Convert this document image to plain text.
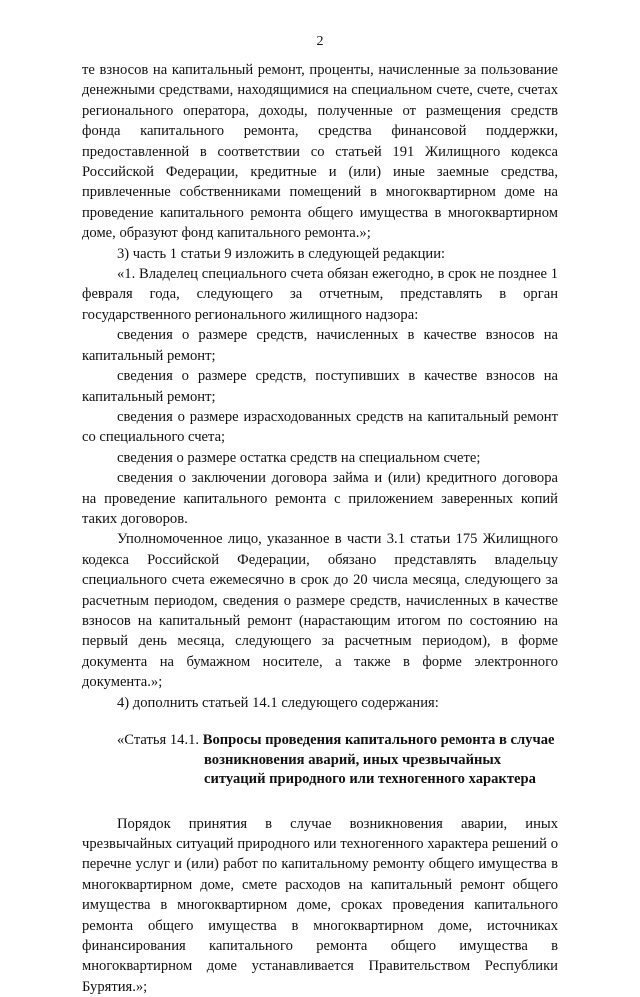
2

те взносов на капитальный ремонт, проценты, начисленные за пользование денежными средствами, находящимися на специальном счете, счете, счетах регионального оператора, доходы, полученные от размещения средств фонда капитального ремонта, средства финансовой поддержки, предоставленной в соответствии со статьей 191 Жилищного кодекса Российской Федерации, кредитные и (или) иные заемные средства, привлеченные собственниками помещений в многоквартирном доме на проведение капитального ремонта общего имущества в многоквартирном доме, образуют фонд капитального ремонта.»;

3) часть 1 статьи 9 изложить в следующей редакции:

«1. Владелец специального счета обязан ежегодно, в срок не позднее 1 февраля года, следующего за отчетным, представлять в орган государственного регионального жилищного надзора:

сведения о размере средств, начисленных в качестве взносов на капитальный ремонт;

сведения о размере средств, поступивших в качестве взносов на капитальный ремонт;

сведения о размере израсходованных средств на капитальный ремонт со специального счета;

сведения о размере остатка средств на специальном счете;

сведения о заключении договора займа и (или) кредитного договора на проведение капитального ремонта с приложением заверенных копий таких договоров.

Уполномоченное лицо, указанное в части 3.1 статьи 175 Жилищного кодекса Российской Федерации, обязано представлять владельцу специального счета ежемесячно в срок до 20 числа месяца, следующего за расчетным периодом, сведения о размере средств, начисленных в качестве взносов на капитальный ремонт (нарастающим итогом по состоянию на первый день месяца, следующего за расчетным периодом), в форме документа на бумажном носителе, а также в форме электронного документа.»;

4) дополнить статьей 14.1 следующего содержания:

«Статья 14.1. Вопросы проведения капитального ремонта в случае
возникновения аварий, иных чрезвычайных
ситуаций природного или техногенного характера

Порядок принятия в случае возникновения аварии, иных чрезвычайных ситуаций природного или техногенного характера решений о перечне услуг и (или) работ по капитальному ремонту общего имущества в многоквартирном доме, смете расходов на капитальный ремонт общего имущества в многоквартирном доме, сроках проведения капитального ремонта общего имущества в многоквартирном доме, источниках финансирования капитального ремонта общего имущества в многоквартирном доме устанавливается Правительством Республики Бурятия.»;
